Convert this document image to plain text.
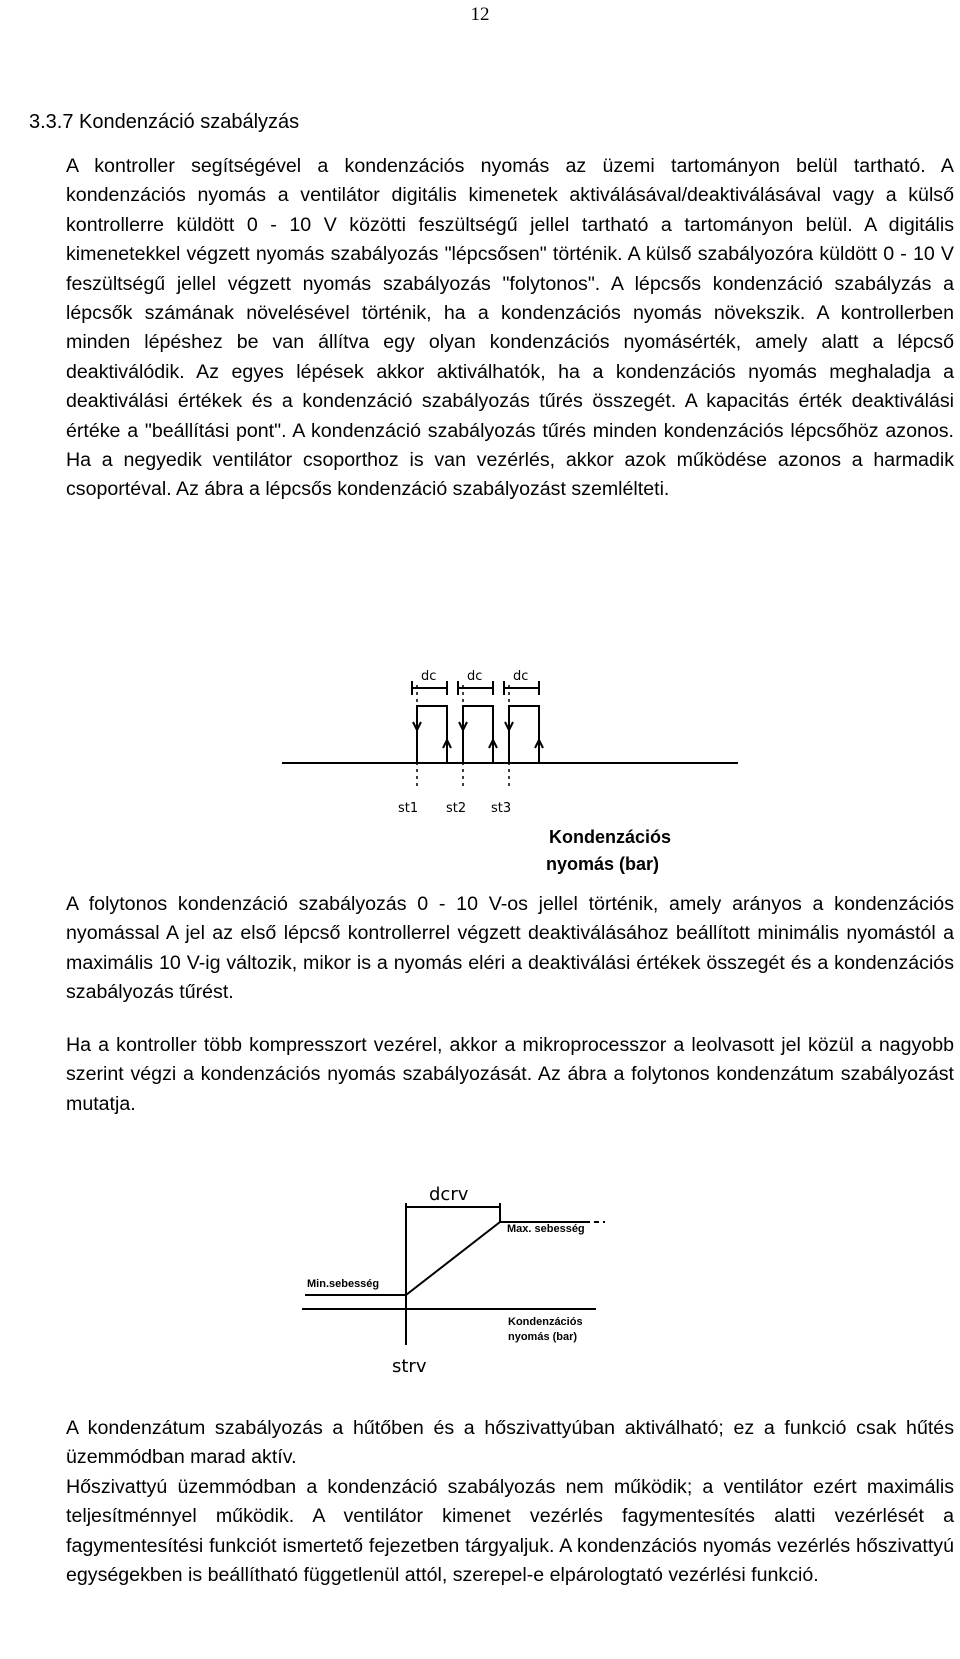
12
3.3.7 Kondenzáció szabályzás

A kontroller segítségével a kondenzációs nyomás az üzemi tartományon belül tartható. A kondenzációs nyomás a ventilátor digitális kimenetek aktiválásával/deaktiválásával vagy a külső kontrollerre küldött 0 - 10 V közötti feszültségű jellel tartható a tartományon belül. A digitális kimenetekkel végzett nyomás szabályozás "lépcsősen" történik. A külső szabályozóra küldött 0 - 10 V feszültségű jellel végzett nyomás szabályozás "folytonos". A lépcsős kondenzáció szabályzás a lépcsők számának növelésével történik, ha a kondenzációs nyomás növekszik. A kontrollerben minden lépéshez be van állítva egy olyan kondenzációs nyomásérték, amely alatt a lépcső deaktiválódik. Az egyes lépések akkor aktiválhatók, ha a kondenzációs nyomás meghaladja a deaktiválási értékek és a kondenzáció szabályozás tűrés összegét. A kapacitás érték deaktiválási értéke a "beállítási pont". A kondenzáció szabályozás tűrés minden kondenzációs lépcsőhöz azonos. Ha a negyedik ventilátor csoporthoz is van vezérlés, akkor azok működése azonos a harmadik csoportéval. Az ábra a lépcsős kondenzáció szabályozást szemlélteti.

dc dc dc
st1 st2 st3
Kondenzációs
nyomás (bar)

A folytonos kondenzáció szabályozás 0 - 10 V-os jellel történik, amely arányos a kondenzációs nyomással A jel az első lépcső kontrollerrel végzett deaktiválásához beállított minimális nyomástól a maximális 10 V-ig változik, mikor is a nyomás eléri a deaktiválási értékek összegét és a kondenzációs szabályozás tűrést.

Ha a kontroller több kompresszort vezérel, akkor a mikroprocesszor a leolvasott jel közül a nagyobb szerint végzi a kondenzációs nyomás szabályozását. Az ábra a folytonos kondenzátum szabályozást mutatja.

dcrv
Max. sebesség
Min.sebesség
Kondenzációs
nyomás (bar)
strv

A kondenzátum szabályozás a hűtőben és a hőszivattyúban aktiválható; ez a funkció csak hűtés üzemmódban marad aktív.

Hőszivattyú üzemmódban a kondenzáció szabályozás nem működik; a ventilátor ezért maximális teljesítménnyel működik. A ventilátor kimenet vezérlés fagymentesítés alatti vezérlését a fagymentesítési funkciót ismertető fejezetben tárgyaljuk. A kondenzációs nyomás vezérlés hőszivattyú egységekben is beállítható függetlenül attól, szerepel-e elpárologtató vezérlési funkció.
